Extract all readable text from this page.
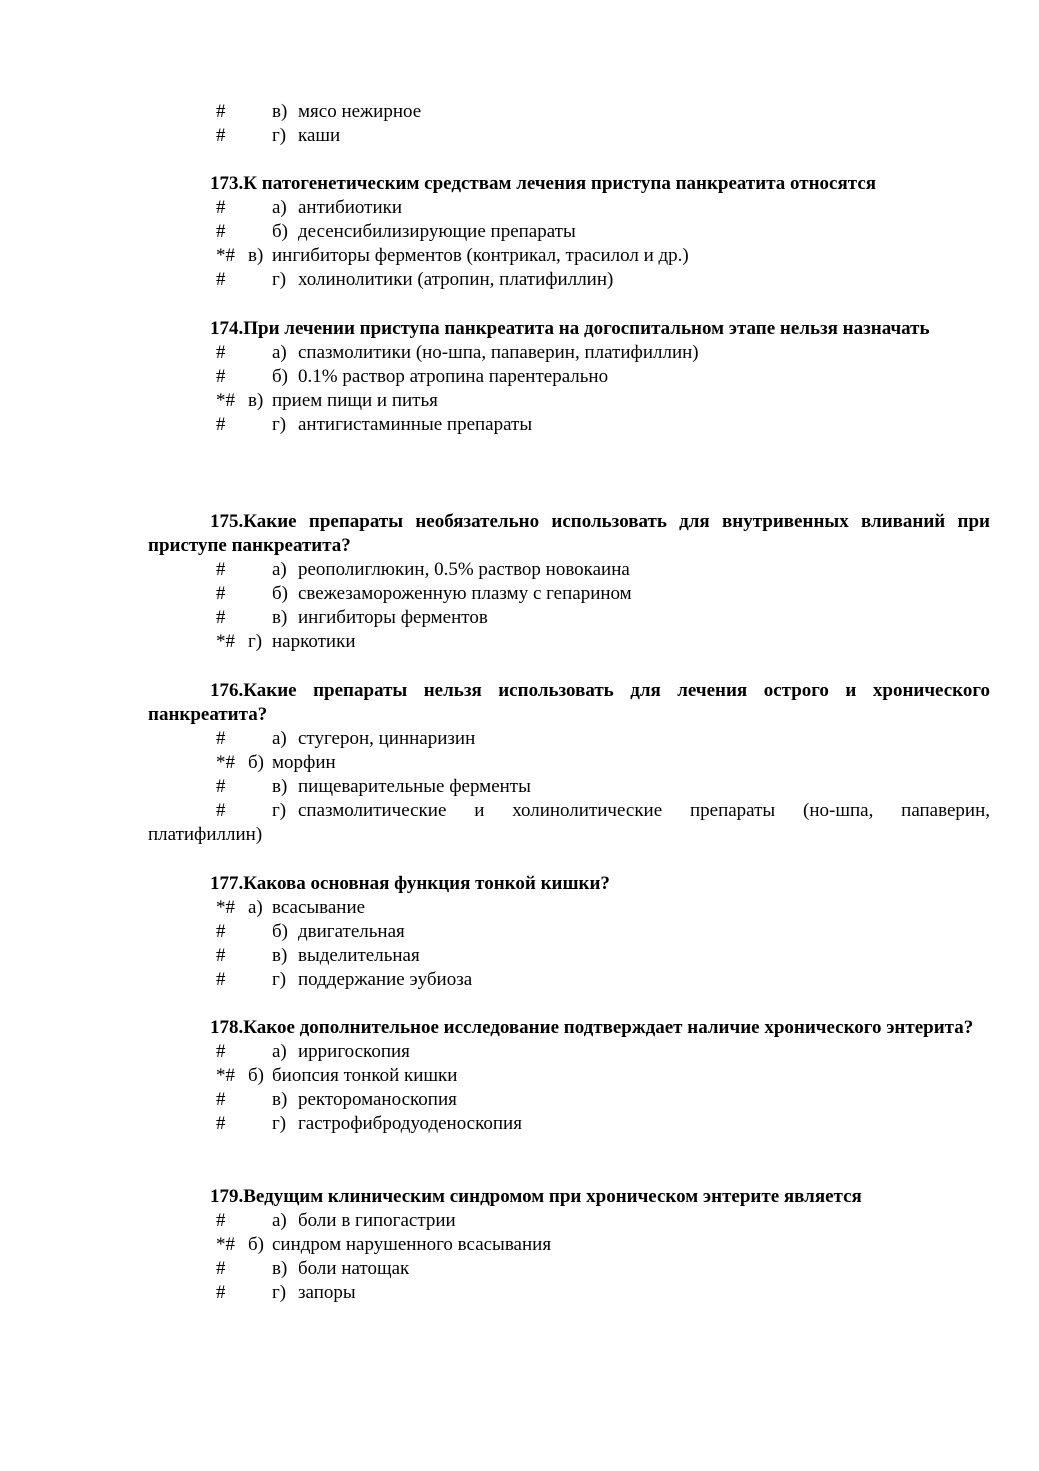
# в) мясо нежирное
# г) каши
173.К патогенетическим средствам лечения приступа панкреатита относятся
# а) антибиотики
# б) десенсибилизирующие препараты
*# в) ингибиторы ферментов (контрикал, трасилол и др.)
# г) холинолитики (атропин, платифиллин)
174.При лечении приступа панкреатита на догоспитальном этапе нельзя назначать
# а) спазмолитики (но-шпа, папаверин, платифиллин)
# б) 0.1% раствор атропина парентерально
*# в) прием пищи и питья
# г) антигистаминные препараты
175.Какие препараты необязательно использовать для внутривенных вливаний при приступе панкреатита?
# а) реополиглюкин, 0.5% раствор новокаина
# б) свежезамороженную плазму с гепарином
# в) ингибиторы ферментов
*# г) наркотики
176.Какие препараты нельзя использовать для лечения острого и хронического панкреатита?
# а) стугерон, циннаризин
*# б) морфин
# в) пищеварительные ферменты
# г) спазмолитические и холинолитические препараты (но-шпа, папаверин,
платифиллин)
177.Какова основная функция тонкой кишки?
*# а) всасывание
# б) двигательная
# в) выделительная
# г) поддержание эубиоза
178.Какое дополнительное исследование подтверждает наличие хронического энтерита?
# а) ирригоскопия
*# б) биопсия тонкой кишки
# в) ректороманоскопия
# г) гастрофибродуоденоскопия
179.Ведущим клиническим синдромом при хроническом энтерите является
# а) боли в гипогастрии
*# б) синдром нарушенного всасывания
# в) боли натощак
# г) запоры
